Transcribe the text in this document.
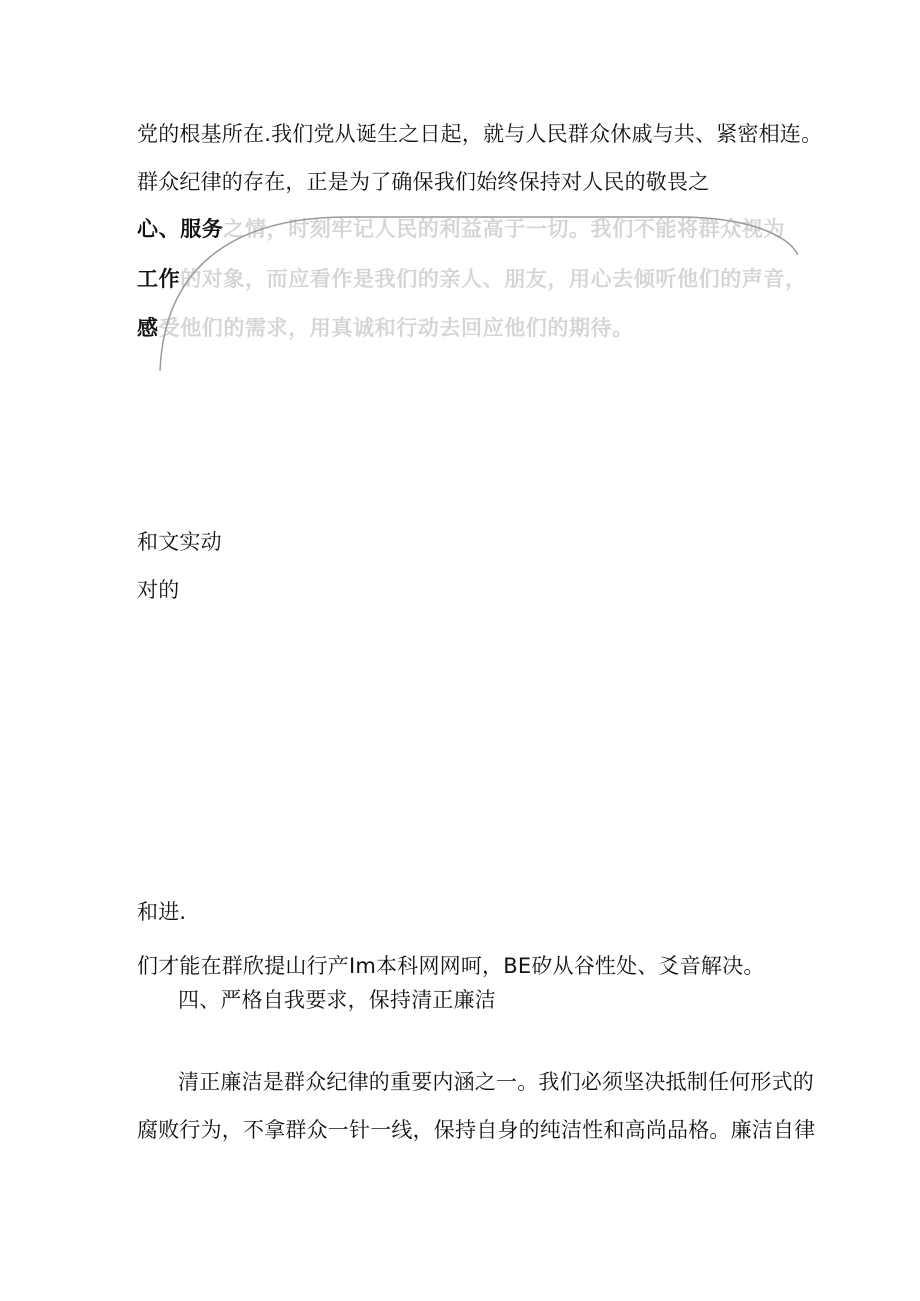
党的根基所在.我们党从诞生之日起，就与人民群众休戚与共、紧密相连。
群众纪律的存在，正是为了确保我们始终保持对人民的敬畏之
心、服务之情，时刻牢记人民的利益高于一切。我们不能将群众视为
工作的对象，而应看作是我们的亲人、朋友，用心去倾听他们的声音，
感受他们的需求，用真诚和行动去回应他们的期待。
和文实动
对的
和进.
们才能在群欣提山行产Im本科网网呵，BE矽从谷性处、爻音解决。
四、严格自我要求，保持清正廉洁
清正廉洁是群众纪律的重要内涵之一。我们必须坚决抵制任何形式的
腐败行为，不拿群众一针一线，保持自身的纯洁性和高尚品格。廉洁自律
